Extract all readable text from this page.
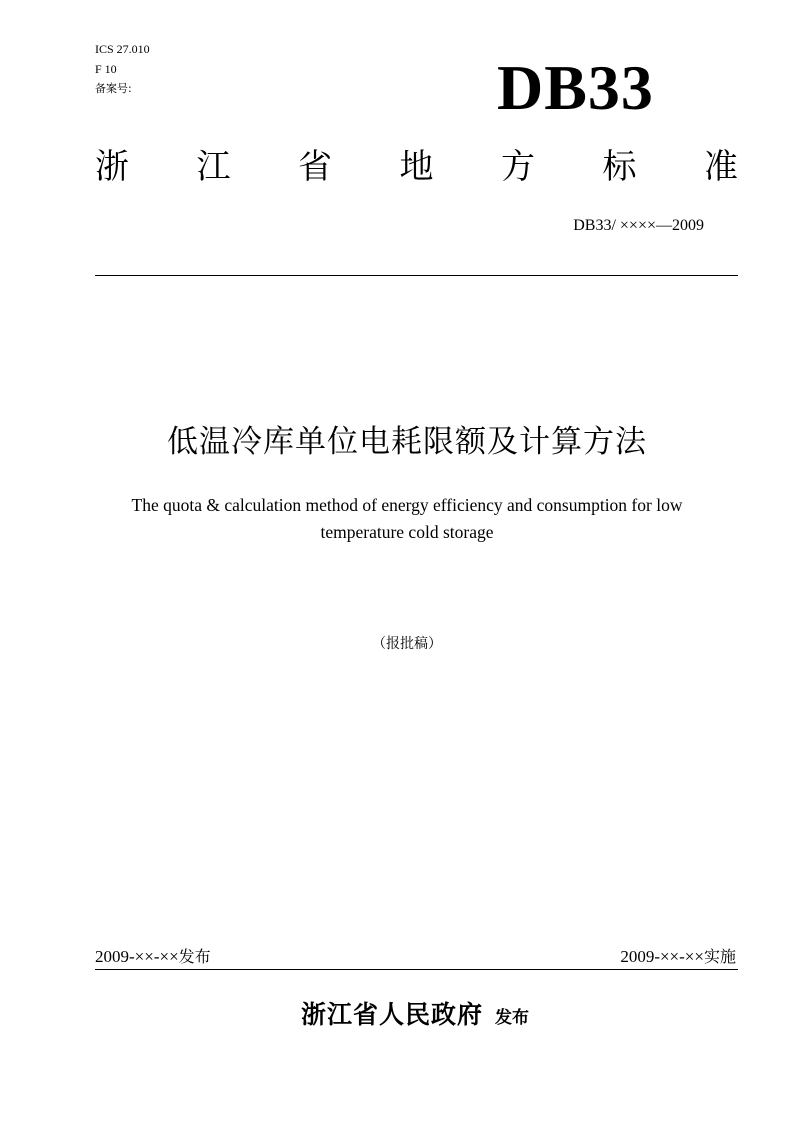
ICS 27.010
F 10
备案号:	DB33
浙 江 省 地 方 标 准
DB33/ ××××—2009
低温冷库单位电耗限额及计算方法
The quota & calculation method of energy efficiency and consumption for low
temperature cold storage
（报批稿）
2009-××-××发布	2009-××-××实施
浙江省人民政府 发布
